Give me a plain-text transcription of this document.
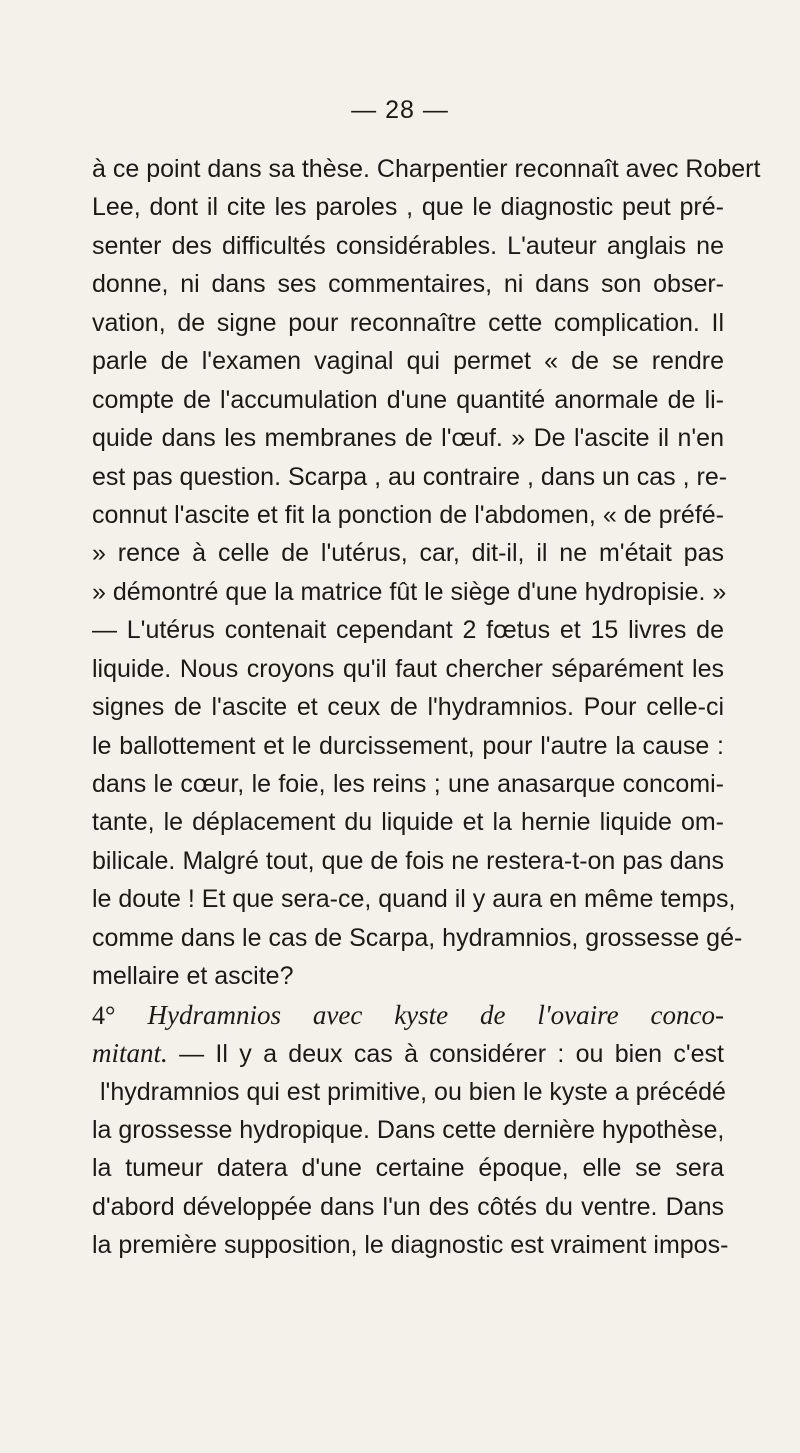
— 28 —
à ce point dans sa thèse. Charpentier reconnaît avec Robert
Lee, dont il cite les paroles , que le diagnostic peut pré-
senter des difficultés considérables. L'auteur anglais ne
donne, ni dans ses commentaires, ni dans son obser-
vation, de signe pour reconnaître cette complication. Il
parle de l'examen vaginal qui permet « de se rendre
compte de l'accumulation d'une quantité anormale de li-
quide dans les membranes de l'œuf. » De l'ascite il n'en
est pas question. Scarpa , au contraire , dans un cas , re-
connut l'ascite et fit la ponction de l'abdomen, « de préfé-
» rence à celle de l'utérus, car, dit-il, il ne m'était pas
» démontré que la matrice fût le siège d'une hydropisie. »
— L'utérus contenait cependant 2 fœtus et 15 livres de
liquide. Nous croyons qu'il faut chercher séparément les
signes de l'ascite et ceux de l'hydramnios. Pour celle-ci
le ballottement et le durcissement, pour l'autre la cause :
dans le cœur, le foie, les reins ; une anasarque concomi-
tante, le déplacement du liquide et la hernie liquide om-
bilicale. Malgré tout, que de fois ne restera-t-on pas dans
le doute ! Et que sera-ce, quand il y aura en même temps,
comme dans le cas de Scarpa, hydramnios, grossesse gé-
mellaire et ascite?
4° Hydramnios avec kyste de l'ovaire conco-
mitant. — Il y a deux cas à considérer : ou bien c'est
l'hydramnios qui est primitive, ou bien le kyste a précédé
la grossesse hydropique. Dans cette dernière hypothèse,
la tumeur datera d'une certaine époque, elle se sera
d'abord développée dans l'un des côtés du ventre. Dans
la première supposition, le diagnostic est vraiment impos-
